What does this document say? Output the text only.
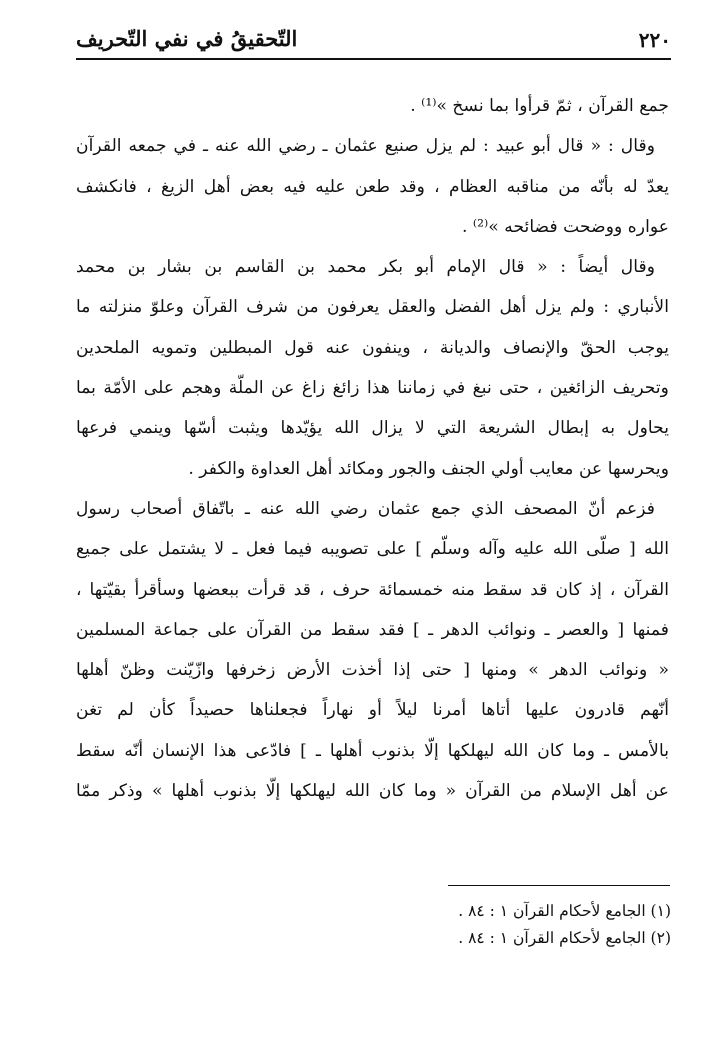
٢٢٠
التّحقيقُ في نفي التّحريف
جمع القرآن ، ثمّ قرأوا بما نسخ »⁽¹⁾ .
وقال : « قال أبو عبيد : لم يزل صنيع عثمان ـ رضي الله عنه ـ في جمعه القرآن
يعدّ له بأنّه من مناقبه العظام ، وقد طعن عليه فيه بعض أهل الزيغ ، فانكشف
عواره ووضحت فضائحه »⁽²⁾ .
وقال أيضاً : « قال الإمام أبو بكر محمد بن القاسم بن بشار بن محمد
الأنباري : ولم يزل أهل الفضل والعقل يعرفون من شرف القرآن وعلوّ منزلته ما
يوجب الحقّ والإنصاف والديانة ، وينفون عنه قول المبطلين وتمويه الملحدين
وتحريف الزائغين ، حتى نبغ في زماننا هذا زائغ زاغ عن الملّة وهجم على الأمّة بما
يحاول به إبطال الشريعة التي لا يزال الله يؤيّدها ويثبت أسّها وينمي فرعها
ويحرسها عن معايب أولي الجنف والجور ومكائد أهل العداوة والكفر .
فزعم أنّ المصحف الذي جمع عثمان رضي الله عنه ـ باتّفاق أصحاب رسول
الله [ صلّى الله عليه وآله وسلّم ] على تصويبه فيما فعل ـ لا يشتمل على جميع
القرآن ، إذ كان قد سقط منه خمسمائة حرف ، قد قرأت ببعضها وسأقرأ بقيّتها ،
فمنها [ والعصر ـ ونوائب الدهر ـ ] فقد سقط من القرآن على جماعة المسلمين
« ونوائب الدهر » ومنها [ حتى إذا أخذت الأرض زخرفها وازّيّنت وظنّ أهلها
أنّهم قادرون عليها أتاها أمرنا ليلاً أو نهاراً فجعلناها حصيداً كأن لم تغن
بالأمس ـ وما كان الله ليهلكها إلّا بذنوب أهلها ـ ] فادّعى هذا الإنسان أنّه سقط
عن أهل الإسلام من القرآن « وما كان الله ليهلكها إلّا بذنوب أهلها » وذكر ممّا
(١) الجامع لأحكام القرآن ١ : ٨٤ .
(٢) الجامع لأحكام القرآن ١ : ٨٤ .
